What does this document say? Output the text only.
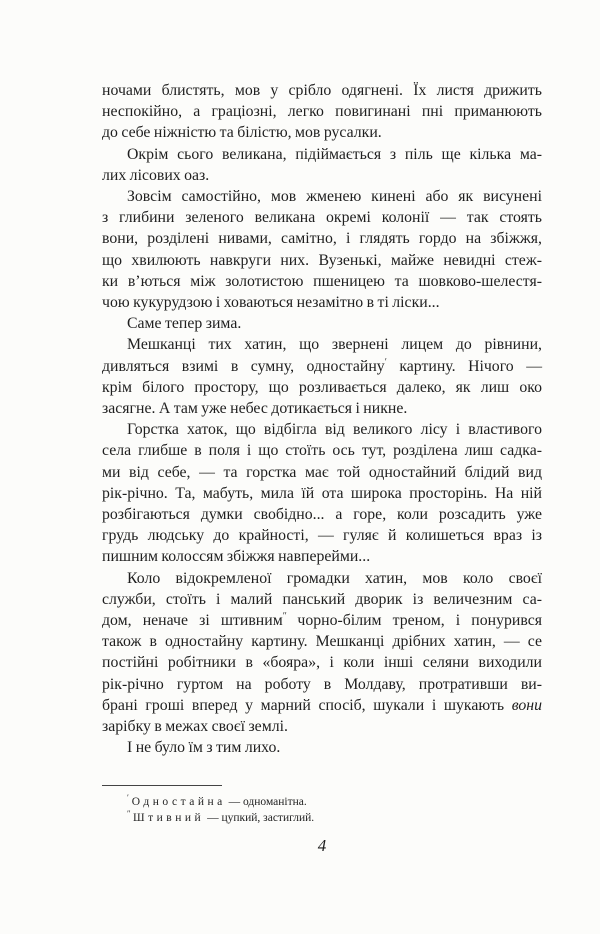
ночами блистять, мов у срібло одягнені. Їх листя дрижить
неспокійно, а граціозні, легко повигинані пні приманюють
до себе ніжністю та білістю, мов русалки.
Окрім сього великана, підіймається з піль ще кілька ма-
лих лісових оаз.
Зовсім самостійно, мов жменею кинені або як висунені
з глибини зеленого великана окремі колонії — так стоять
вони, розділені нивами, самітно, і глядять гордо на збіжжя,
що хвилюють навкруги них. Вузенькі, майже невидні стеж-
ки в’ються між золотистою пшеницею та шовково-шелестя-
чою кукурудзою і ховаються незамітно в ті ліски...
Саме тепер зима.
Мешканці тих хатин, що звернені лицем до рівнини,
дивляться взимі в сумну, одностайну$^ʹ$ картину. Нічого —
крім білого простору, що розливається далеко, як лиш око
засягне. А там уже небес дотикається і никне.
Горстка хаток, що відбігла від великого лісу і властивого
села глибше в поля і що стоїть ось тут, розділена лиш садка-
ми від себе, — та горстка має той одностайний блідий вид
рік-річно. Та, мабуть, мила їй ота широка просторінь. На ній
розбігаються думки свобідно... а горе, коли розсадить уже
грудь людську до крайності, — гуляє й колишеться враз із
пишним колоссям збіжжя навперейми...
Коло відокремленої громадки хатин, мов коло своєї
служби, стоїть і малий панський дворик із величезним са-
дом, неначе зі штивним$^ʺ$ чорно-білим треном, і понурився
також в одностайну картину. Мешканці дрібних хатин, — се
постійні робітники в «бояра», і коли інші селяни виходили
рік-річно гуртом на роботу в Молдаву, протративши ви-
брані гроші вперед у марний спосіб, шукали і шукають вони
зарібку в межах своєї землі.
І не було їм з тим лихо.
$^ʹ$ Одностайна — одноманітна.
$^ʺ$ Штивний — цупкий, застиглий.
4
